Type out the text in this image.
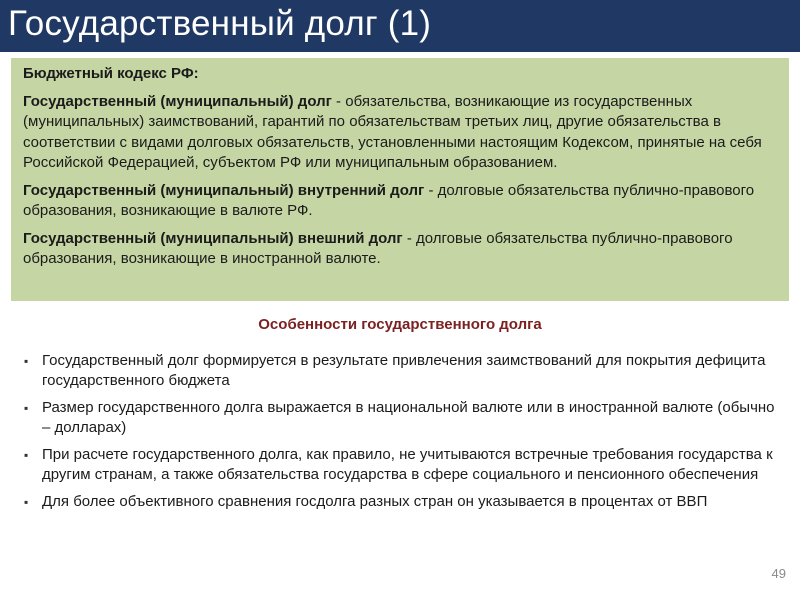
Государственный долг (1)

Бюджетный кодекс РФ:

Государственный (муниципальный) долг - обязательства, возникающие из государственных (муниципальных) заимствований, гарантий по обязательствам третьих лиц, другие обязательства в соответствии с видами долговых обязательств, установленными настоящим Кодексом, принятые на себя Российской Федерацией, субъектом РФ или муниципальным образованием.

Государственный (муниципальный) внутренний долг - долговые обязательства публично-правового образования, возникающие в валюте РФ.

Государственный (муниципальный) внешний долг - долговые обязательства публично-правового образования, возникающие в иностранной валюте.

Особенности государственного долга
▪ Государственный долг формируется в результате привлечения заимствований для покрытия дефицита государственного бюджета
▪ Размер государственного долга выражается в национальной валюте или в иностранной валюте (обычно – долларах)
▪ При расчете государственного долга, как правило, не учитываются встречные требования государства к другим странам, а также обязательства государства в сфере социального и пенсионного обеспечения
▪ Для более объективного сравнения госдолга разных стран он указывается в процентах от ВВП
49
